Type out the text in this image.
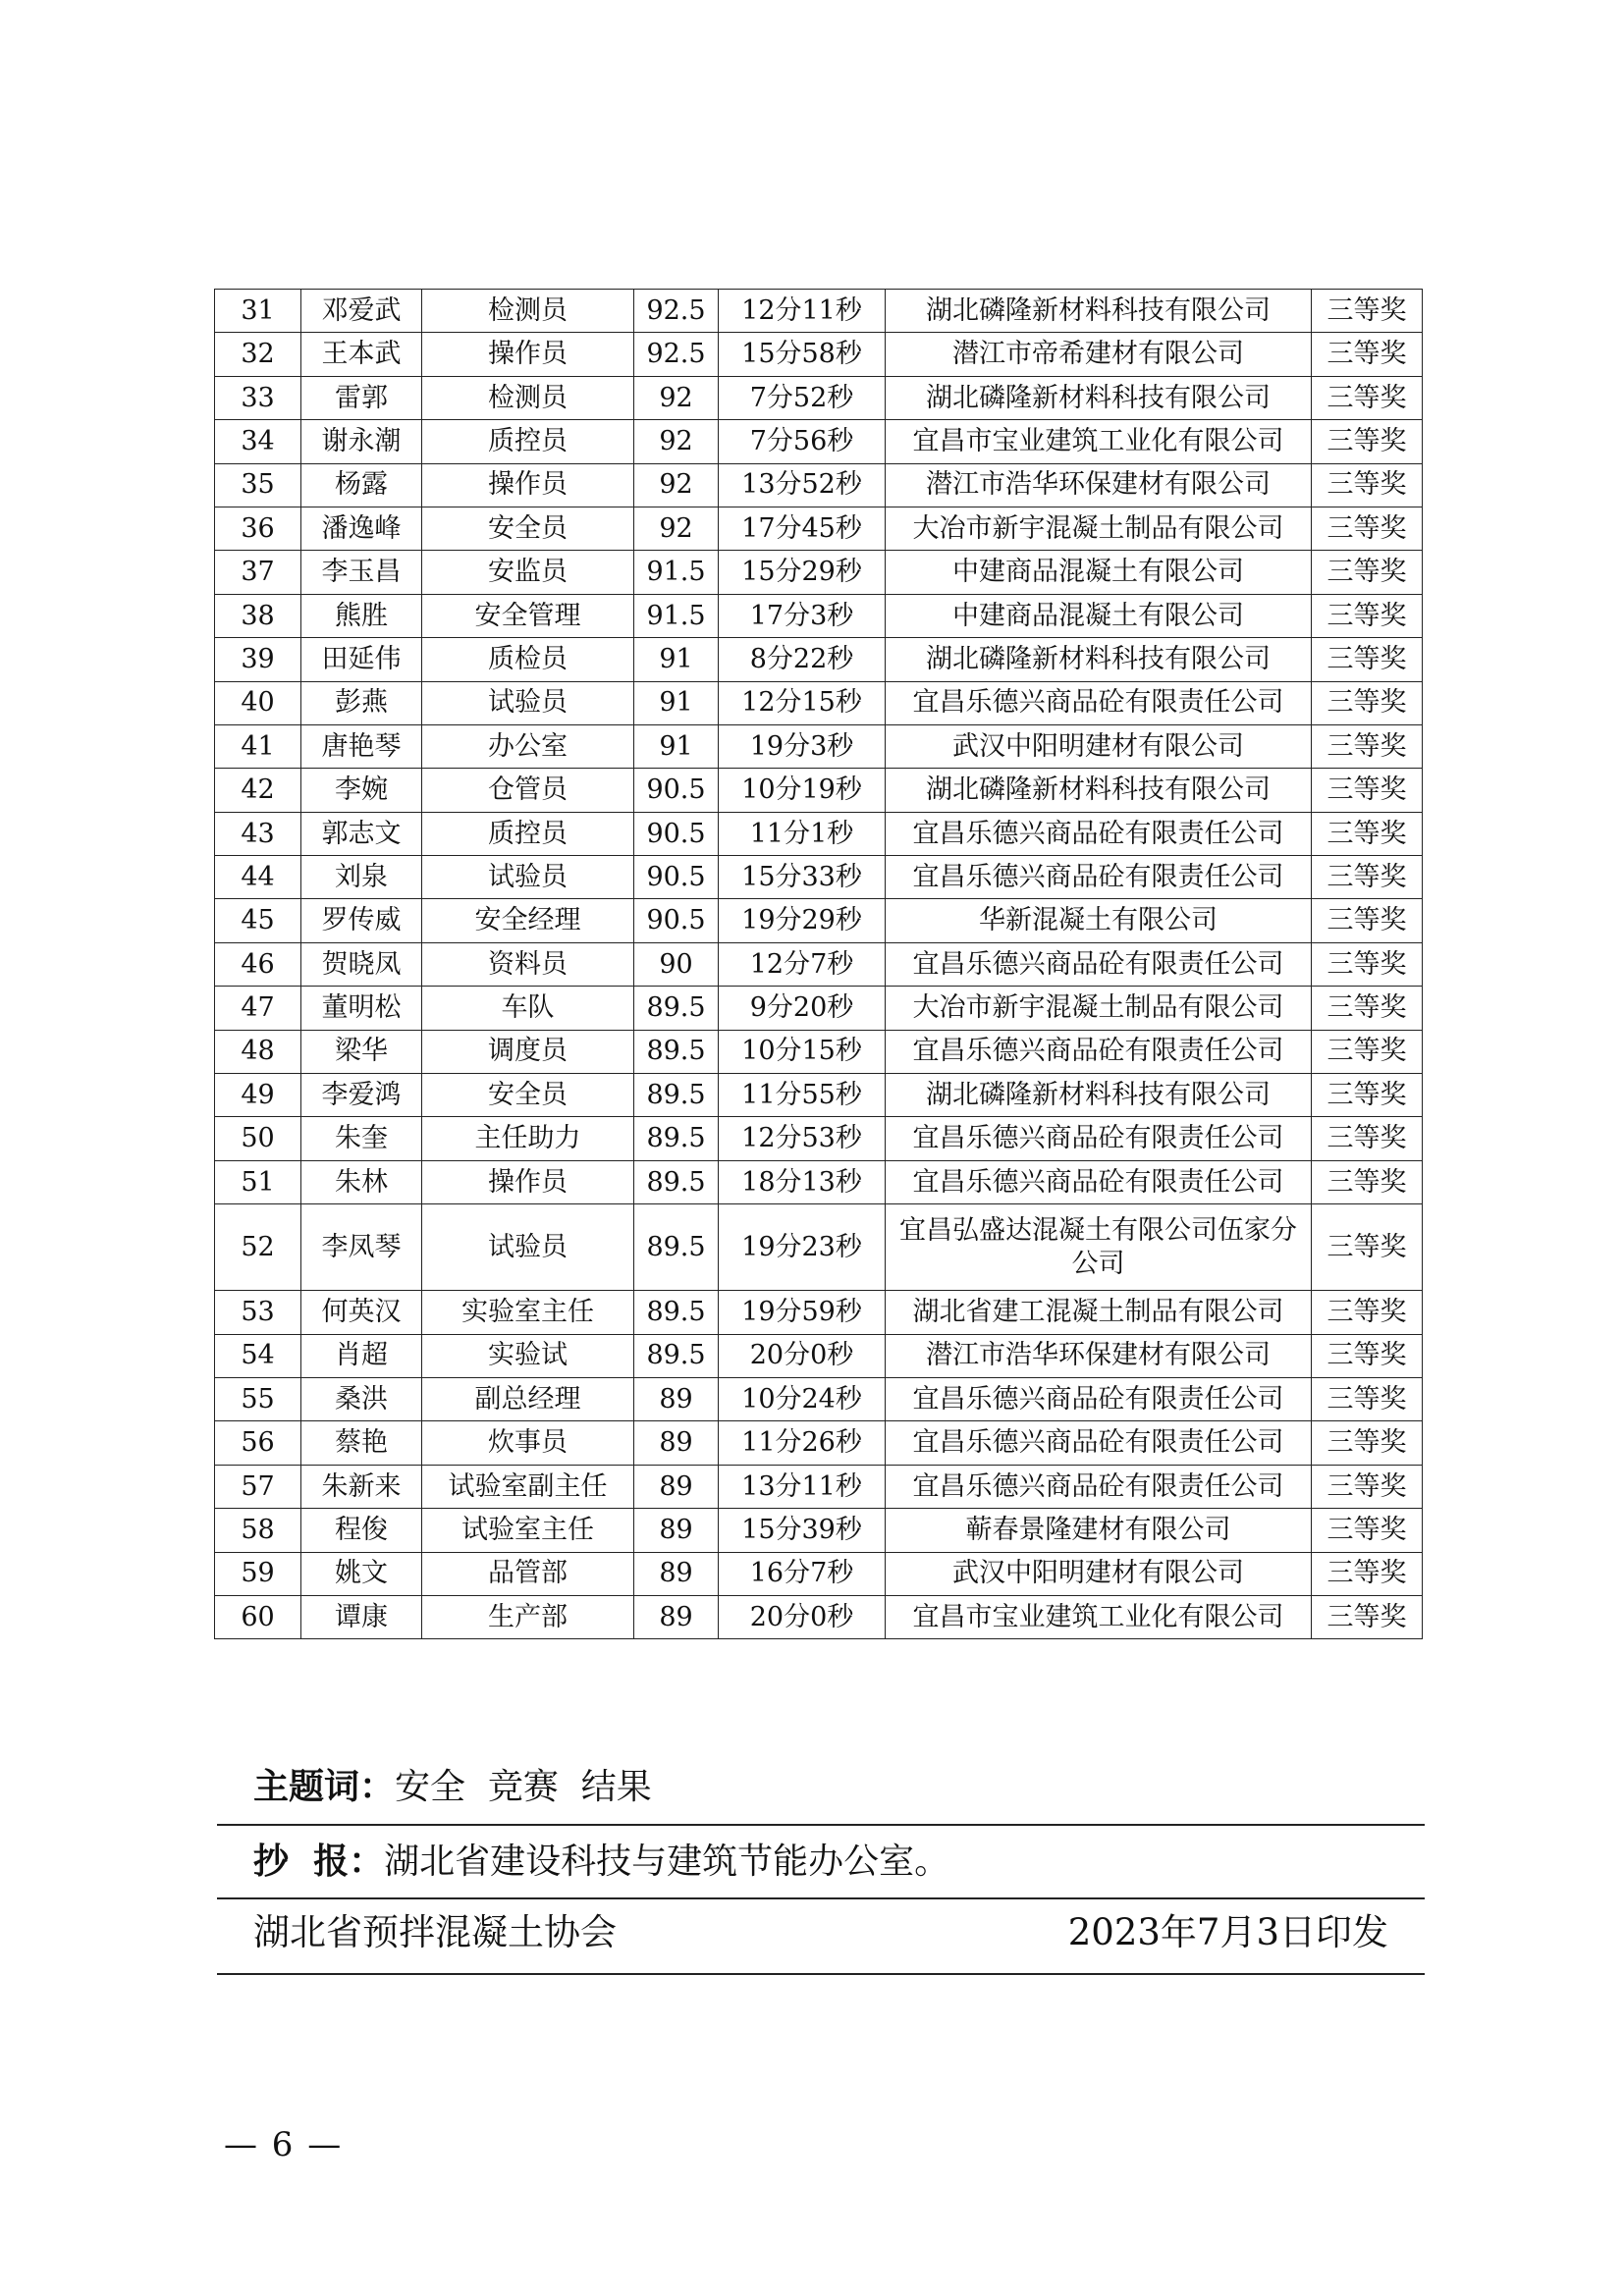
31	邓爱武	检测员	92.5	12分11秒	湖北磷隆新材料科技有限公司	三等奖
32	王本武	操作员	92.5	15分58秒	潜江市帝希建材有限公司	三等奖
33	雷郭	检测员	92	7分52秒	湖北磷隆新材料科技有限公司	三等奖
34	谢永潮	质控员	92	7分56秒	宜昌市宝业建筑工业化有限公司	三等奖
35	杨露	操作员	92	13分52秒	潜江市浩华环保建材有限公司	三等奖
36	潘逸峰	安全员	92	17分45秒	大冶市新宇混凝土制品有限公司	三等奖
37	李玉昌	安监员	91.5	15分29秒	中建商品混凝土有限公司	三等奖
38	熊胜	安全管理	91.5	17分3秒	中建商品混凝土有限公司	三等奖
39	田延伟	质检员	91	8分22秒	湖北磷隆新材料科技有限公司	三等奖
40	彭燕	试验员	91	12分15秒	宜昌乐德兴商品砼有限责任公司	三等奖
41	唐艳琴	办公室	91	19分3秒	武汉中阳明建材有限公司	三等奖
42	李婉	仓管员	90.5	10分19秒	湖北磷隆新材料科技有限公司	三等奖
43	郭志文	质控员	90.5	11分1秒	宜昌乐德兴商品砼有限责任公司	三等奖
44	刘泉	试验员	90.5	15分33秒	宜昌乐德兴商品砼有限责任公司	三等奖
45	罗传威	安全经理	90.5	19分29秒	华新混凝土有限公司	三等奖
46	贺晓凤	资料员	90	12分7秒	宜昌乐德兴商品砼有限责任公司	三等奖
47	董明松	车队	89.5	9分20秒	大冶市新宇混凝土制品有限公司	三等奖
48	梁华	调度员	89.5	10分15秒	宜昌乐德兴商品砼有限责任公司	三等奖
49	李爱鸿	安全员	89.5	11分55秒	湖北磷隆新材料科技有限公司	三等奖
50	朱奎	主任助力	89.5	12分53秒	宜昌乐德兴商品砼有限责任公司	三等奖
51	朱林	操作员	89.5	18分13秒	宜昌乐德兴商品砼有限责任公司	三等奖
52	李凤琴	试验员	89.5	19分23秒	宜昌弘盛达混凝土有限公司伍家分公司	三等奖
53	何英汉	实验室主任	89.5	19分59秒	湖北省建工混凝土制品有限公司	三等奖
54	肖超	实验试	89.5	20分0秒	潜江市浩华环保建材有限公司	三等奖
55	桑洪	副总经理	89	10分24秒	宜昌乐德兴商品砼有限责任公司	三等奖
56	蔡艳	炊事员	89	11分26秒	宜昌乐德兴商品砼有限责任公司	三等奖
57	朱新来	试验室副主任	89	13分11秒	宜昌乐德兴商品砼有限责任公司	三等奖
58	程俊	试验室主任	89	15分39秒	蕲春景隆建材有限公司	三等奖
59	姚文	品管部	89	16分7秒	武汉中阳明建材有限公司	三等奖
60	谭康	生产部	89	20分0秒	宜昌市宝业建筑工业化有限公司	三等奖
主题词：安全  竞赛  结果
抄  报：湖北省建设科技与建筑节能办公室。
湖北省预拌混凝土协会	2023年7月3日印发
— 6 —
